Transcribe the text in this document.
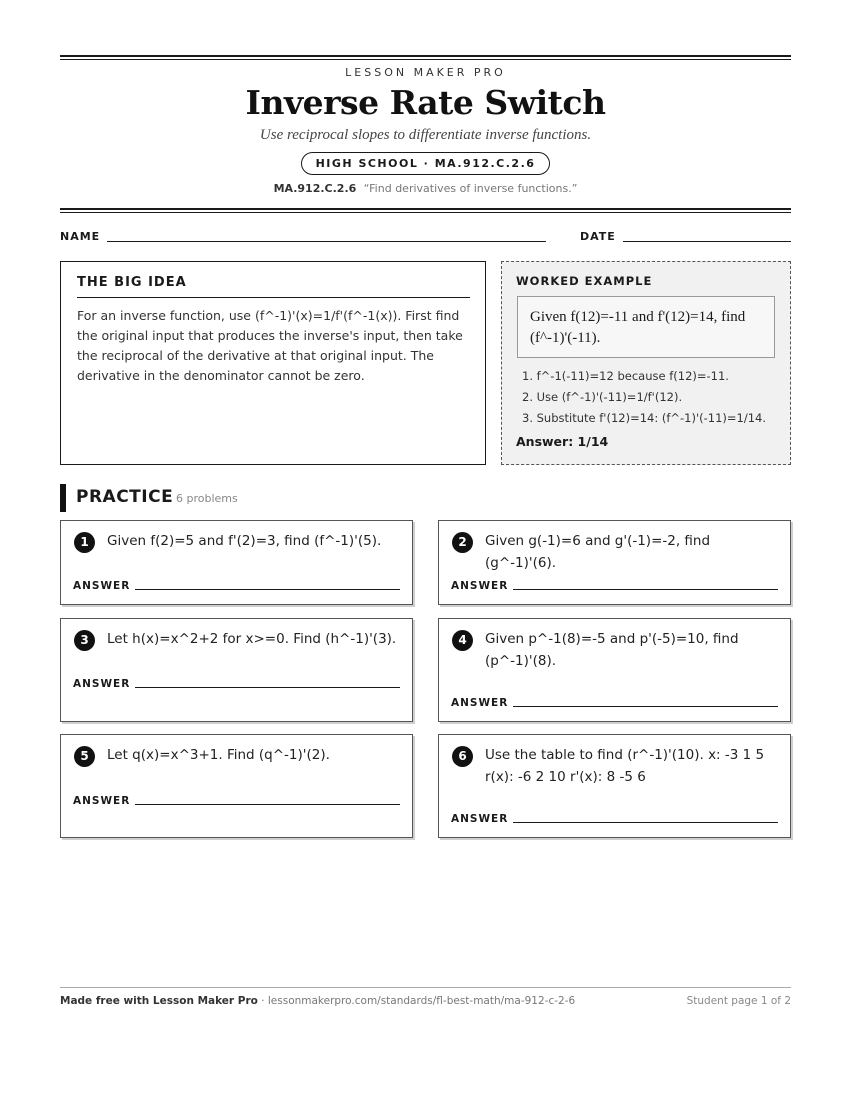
LESSON MAKER PRO
Inverse Rate Switch
Use reciprocal slopes to differentiate inverse functions.
HIGH SCHOOL · MA.912.C.2.6
MA.912.C.2.6 “Find derivatives of inverse functions.”
NAME	DATE
THE BIG IDEA
For an inverse function, use (f^-1)'(x)=1/f'(f^-1(x)). First find the original input that produces the inverse's input, then take the reciprocal of the derivative at that original input. The derivative in the denominator cannot be zero.
WORKED EXAMPLE
Given f(12)=-11 and f'(12)=14, find (f^-1)'(-11).
1. f^-1(-11)=12 because f(12)=-11.
2. Use (f^-1)'(-11)=1/f'(12).
3. Substitute f'(12)=14: (f^-1)'(-11)=1/14.
Answer: 1/14
PRACTICE 6 problems
1	Given f(2)=5 and f'(2)=3, find (f^-1)'(5).
ANSWER
2	Given g(-1)=6 and g'(-1)=-2, find (g^-1)'(6).
ANSWER
3	Let h(x)=x^2+2 for x>=0. Find (h^-1)'(3).
ANSWER
4	Given p^-1(8)=-5 and p'(-5)=10, find (p^-1)'(8).
ANSWER
5	Let q(x)=x^3+1. Find (q^-1)'(2).
ANSWER
6	Use the table to find (r^-1)'(10). x: -3 1 5 r(x): -6 2 10 r'(x): 8 -5 6
ANSWER
Made free with Lesson Maker Pro · lessonmakerpro.com/standards/fl-best-math/ma-912-c-2-6	Student page 1 of 2
